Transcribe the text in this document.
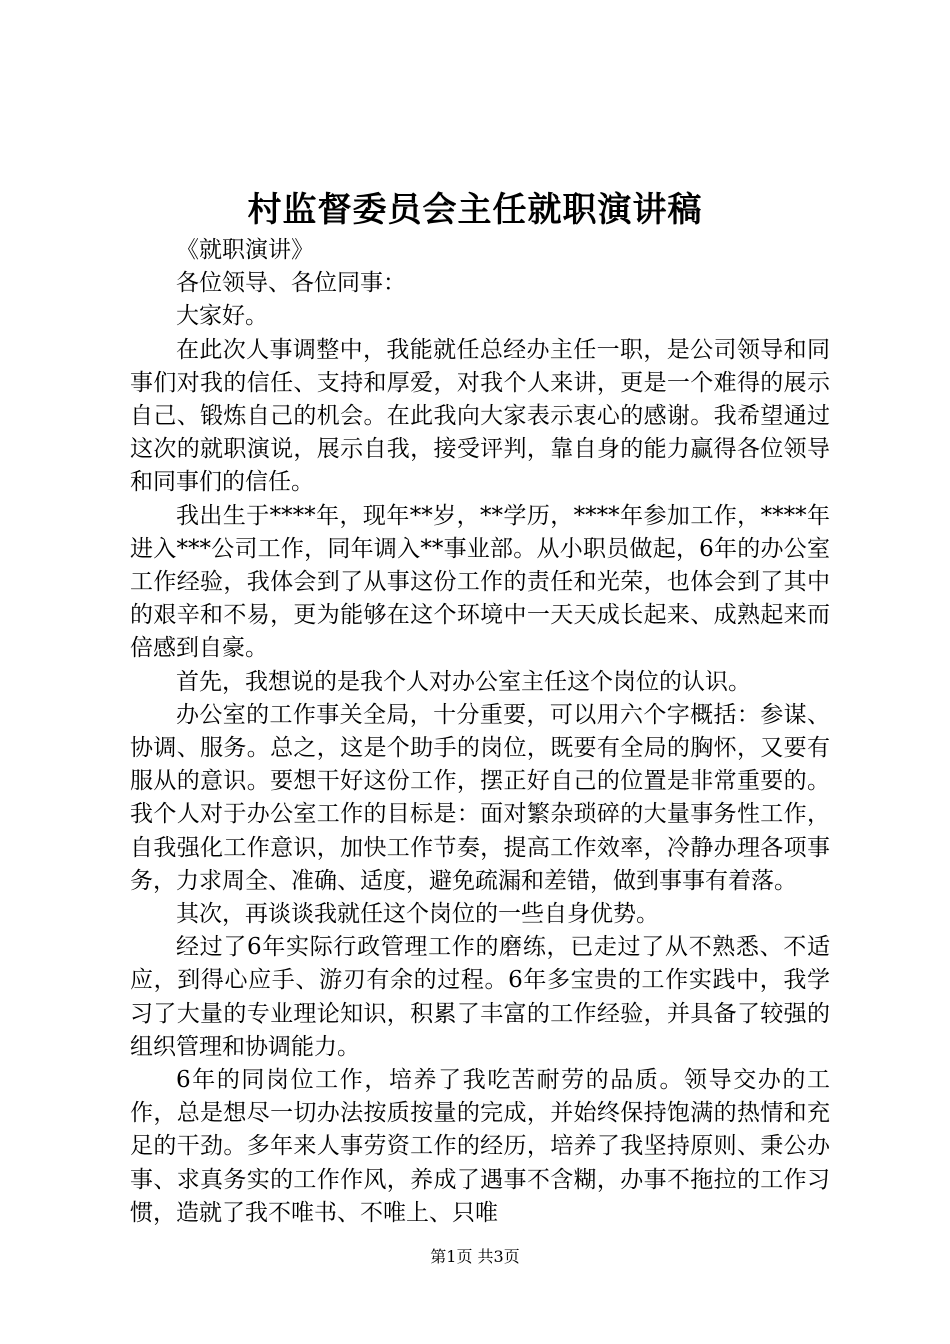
村监督委员会主任就职演讲稿

《就职演讲》

各位领导、各位同事：

大家好。

在此次人事调整中，我能就任总经办主任一职，是公司领导和同事们对我的信任、支持和厚爱，对我个人来讲，更是一个难得的展示自己、锻炼自己的机会。在此我向大家表示衷心的感谢。我希望通过这次的就职演说，展示自我，接受评判，靠自身的能力赢得各位领导和同事们的信任。

我出生于****年，现年**岁，**学历，****年参加工作，****年进入***公司工作，同年调入**事业部。从小职员做起，6年的办公室工作经验，我体会到了从事这份工作的责任和光荣，也体会到了其中的艰辛和不易，更为能够在这个环境中一天天成长起来、成熟起来而倍感到自豪。

首先，我想说的是我个人对办公室主任这个岗位的认识。

办公室的工作事关全局，十分重要，可以用六个字概括：参谋、协调、服务。总之，这是个助手的岗位，既要有全局的胸怀，又要有服从的意识。要想干好这份工作，摆正好自己的位置是非常重要的。我个人对于办公室工作的目标是：面对繁杂琐碎的大量事务性工作，自我强化工作意识，加快工作节奏，提高工作效率，冷静办理各项事务，力求周全、准确、适度，避免疏漏和差错，做到事事有着落。

其次，再谈谈我就任这个岗位的一些自身优势。

经过了6年实际行政管理工作的磨练，已走过了从不熟悉、不适应，到得心应手、游刃有余的过程。6年多宝贵的工作实践中，我学习了大量的专业理论知识，积累了丰富的工作经验，并具备了较强的组织管理和协调能力。

6年的同岗位工作，培养了我吃苦耐劳的品质。领导交办的工作，总是想尽一切办法按质按量的完成，并始终保持饱满的热情和充足的干劲。多年来人事劳资工作的经历，培养了我坚持原则、秉公办事、求真务实的工作作风，养成了遇事不含糊，办事不拖拉的工作习惯，造就了我不唯书、不唯上、只唯

第1页 共3页
